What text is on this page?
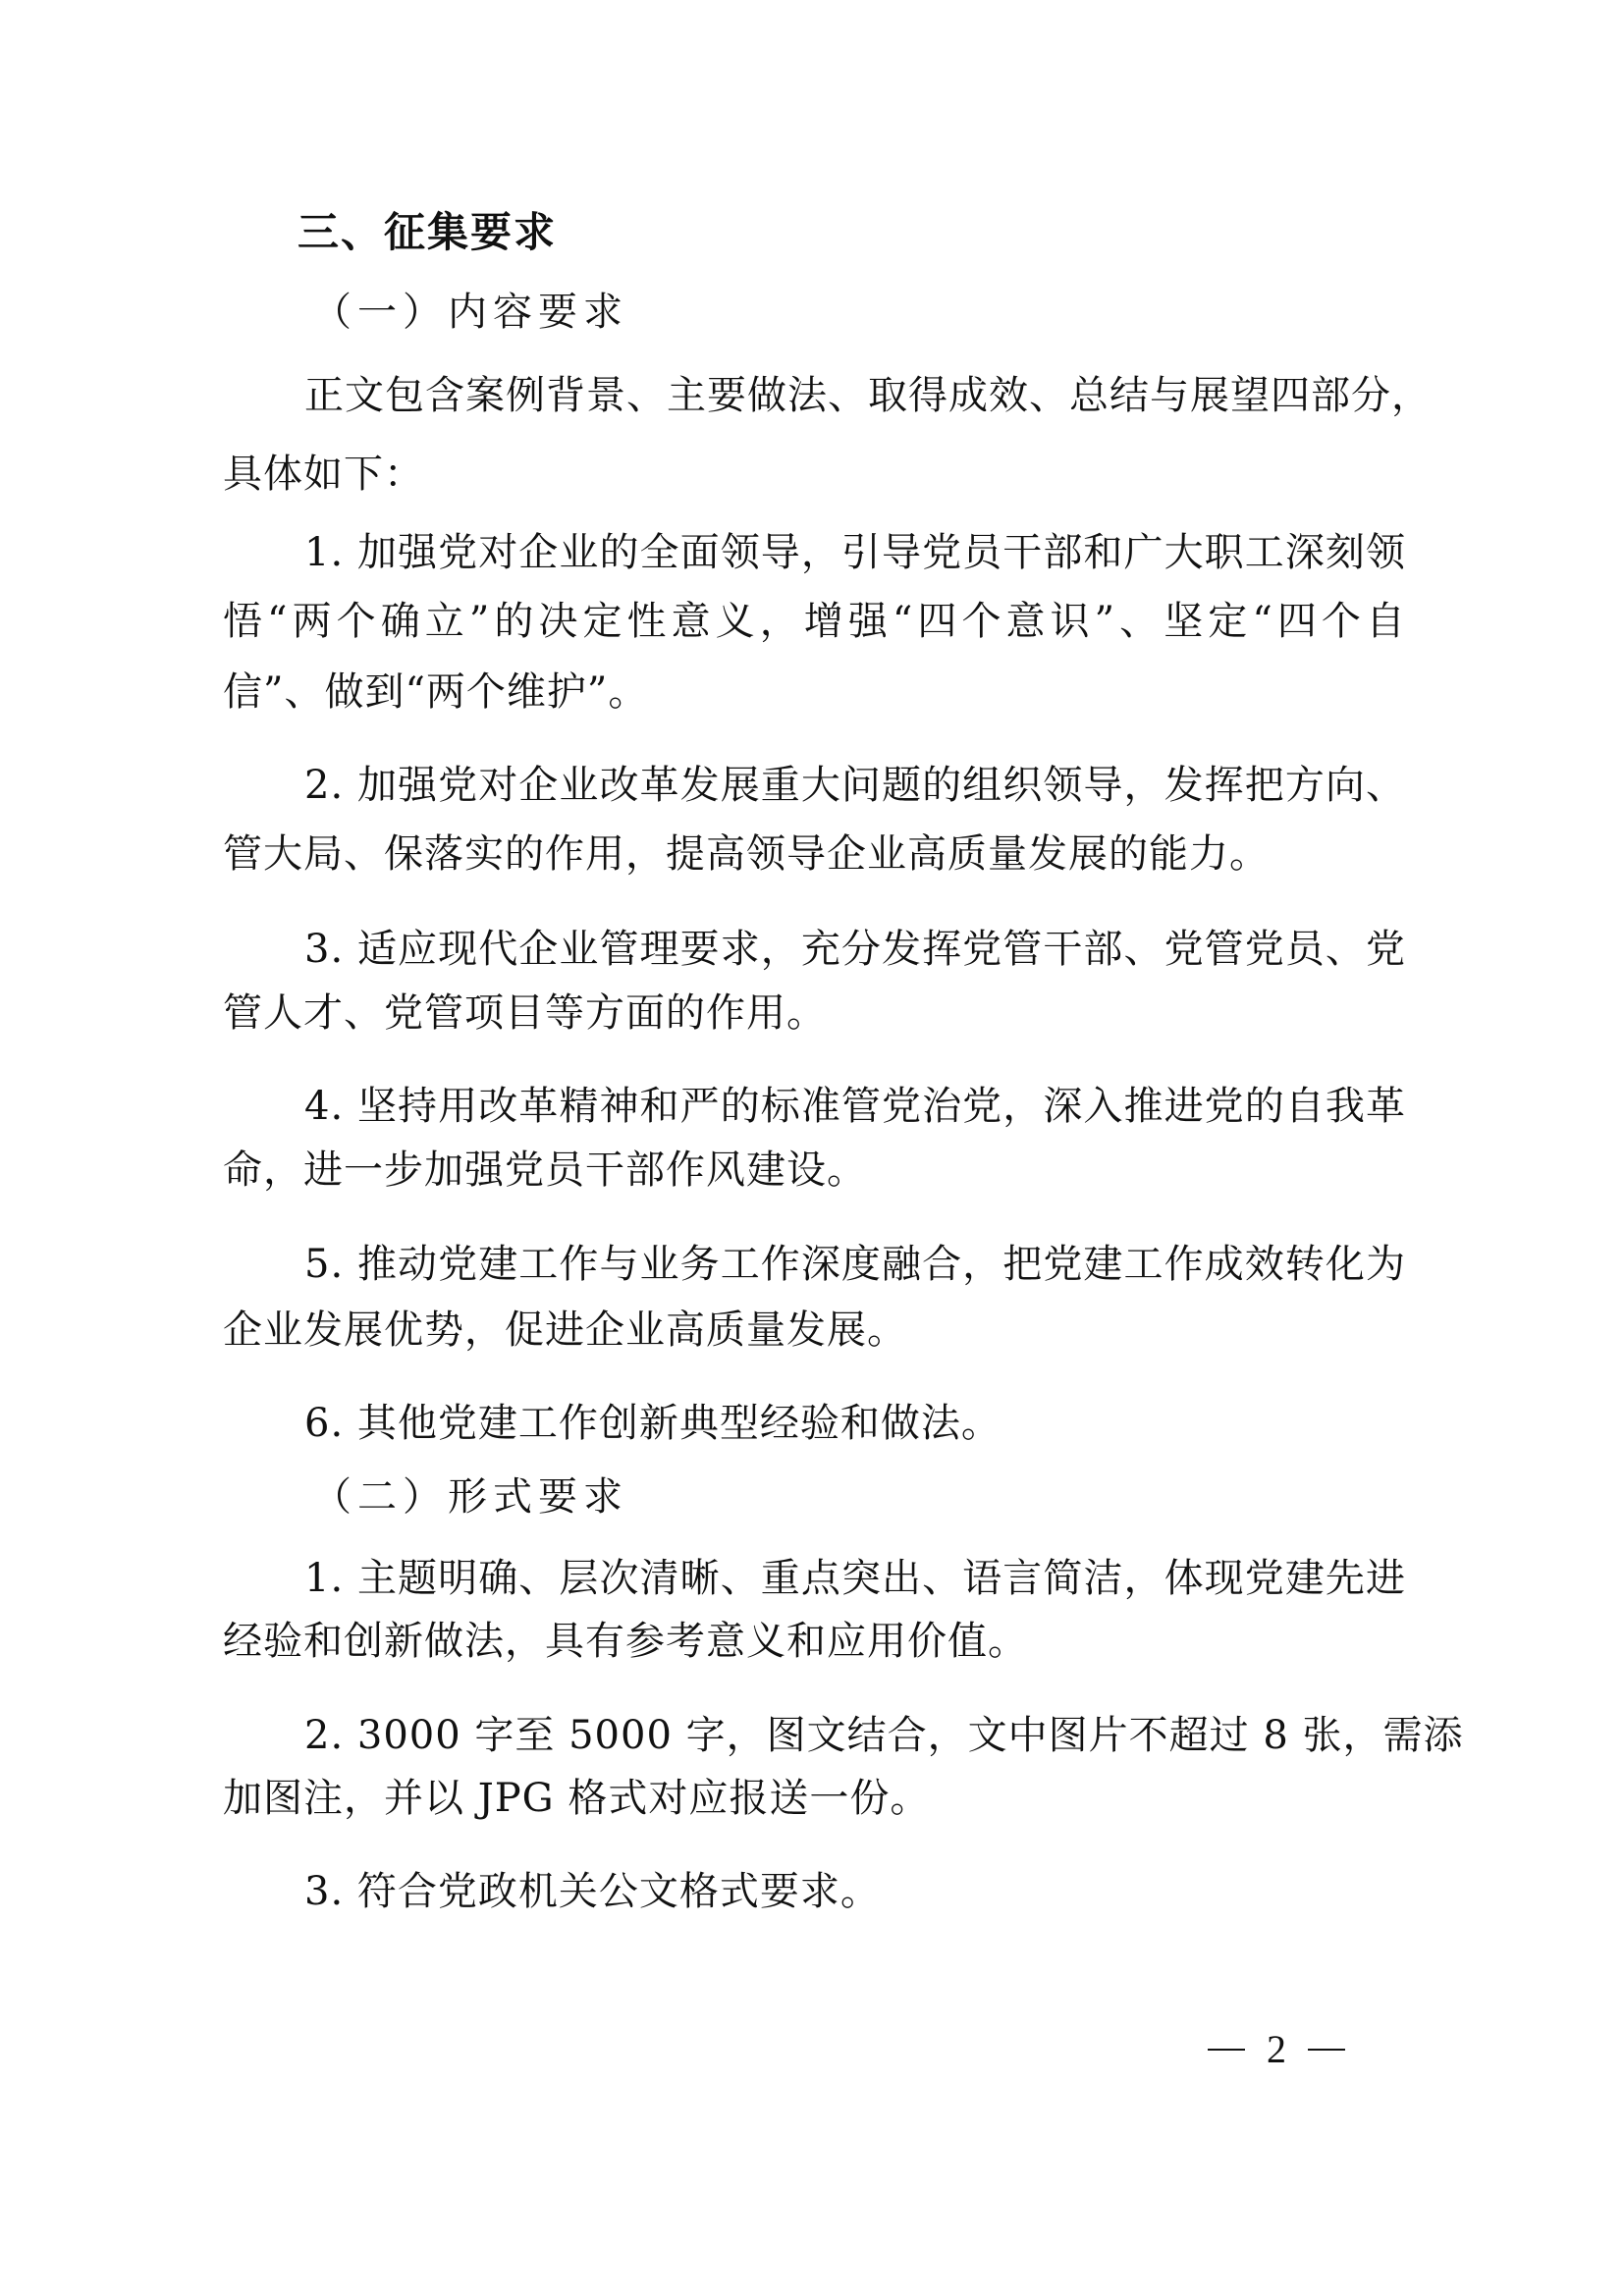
三、征集要求
（一）内容要求
正文包含案例背景、主要做法、取得成效、总结与展望四部分，
具体如下：
1. 加强党对企业的全面领导，引导党员干部和广大职工深刻领
悟“两个确立”的决定性意义，增强“四个意识”、坚定“四个自
信”、做到“两个维护”。
2. 加强党对企业改革发展重大问题的组织领导，发挥把方向、
管大局、保落实的作用，提高领导企业高质量发展的能力。
3. 适应现代企业管理要求，充分发挥党管干部、党管党员、党
管人才、党管项目等方面的作用。
4. 坚持用改革精神和严的标准管党治党，深入推进党的自我革
命，进一步加强党员干部作风建设。
5. 推动党建工作与业务工作深度融合，把党建工作成效转化为
企业发展优势，促进企业高质量发展。
6. 其他党建工作创新典型经验和做法。
（二）形式要求
1. 主题明确、层次清晰、重点突出、语言简洁，体现党建先进
经验和创新做法，具有参考意义和应用价值。
2. 3000 字至 5000 字，图文结合，文中图片不超过 8 张，需添
加图注，并以 JPG 格式对应报送一份。
3. 符合党政机关公文格式要求。
2
